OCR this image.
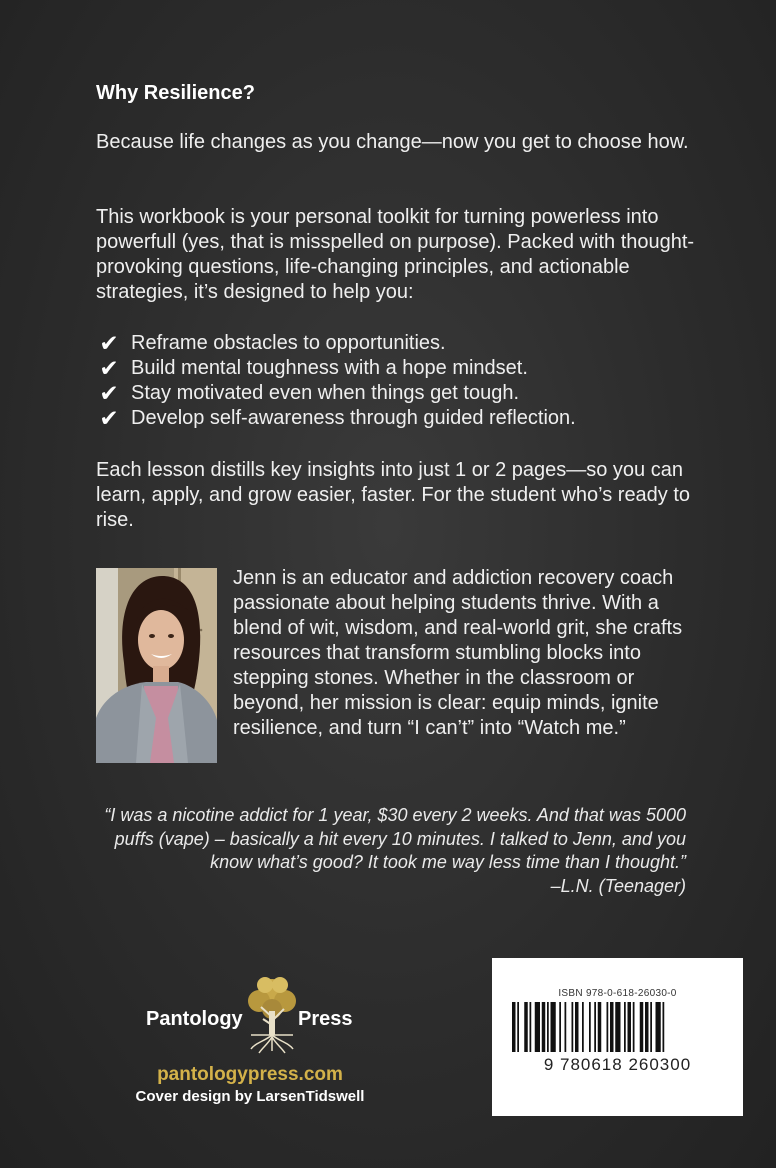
Why Resilience?

Because life changes as you change—now you get to choose how.

This workbook is your personal toolkit for turning powerless into powerfull (yes, that is misspelled on purpose). Packed with thought-provoking questions, life-changing principles, and actionable strategies, it’s designed to help you:

✔ Reframe obstacles to opportunities.
✔ Build mental toughness with a hope mindset.
✔ Stay motivated even when things get tough.
✔ Develop self-awareness through guided reflection.

Each lesson distills key insights into just 1 or 2 pages—so you can learn, apply, and grow easier, faster. For the student who’s ready to rise.

Jenn is an educator and addiction recovery coach passionate about helping students thrive. With a blend of wit, wisdom, and real-world grit, she crafts resources that transform stumbling blocks into stepping stones. Whether in the classroom or beyond, her mission is clear: equip minds, ignite resilience, and turn “I can’t” into “Watch me.”

“I was a nicotine addict for 1 year, $30 every 2 weeks. And that was 5000 puffs (vape) – basically a hit every 10 minutes. I talked to Jenn, and you know what’s good? It took me way less time than I thought.”
–L.N. (Teenager)
Pantology	Press

pantologypress.com

Cover design by LarsenTidswell

ISBN 978-0-618-26030-0

9 780618 260300
